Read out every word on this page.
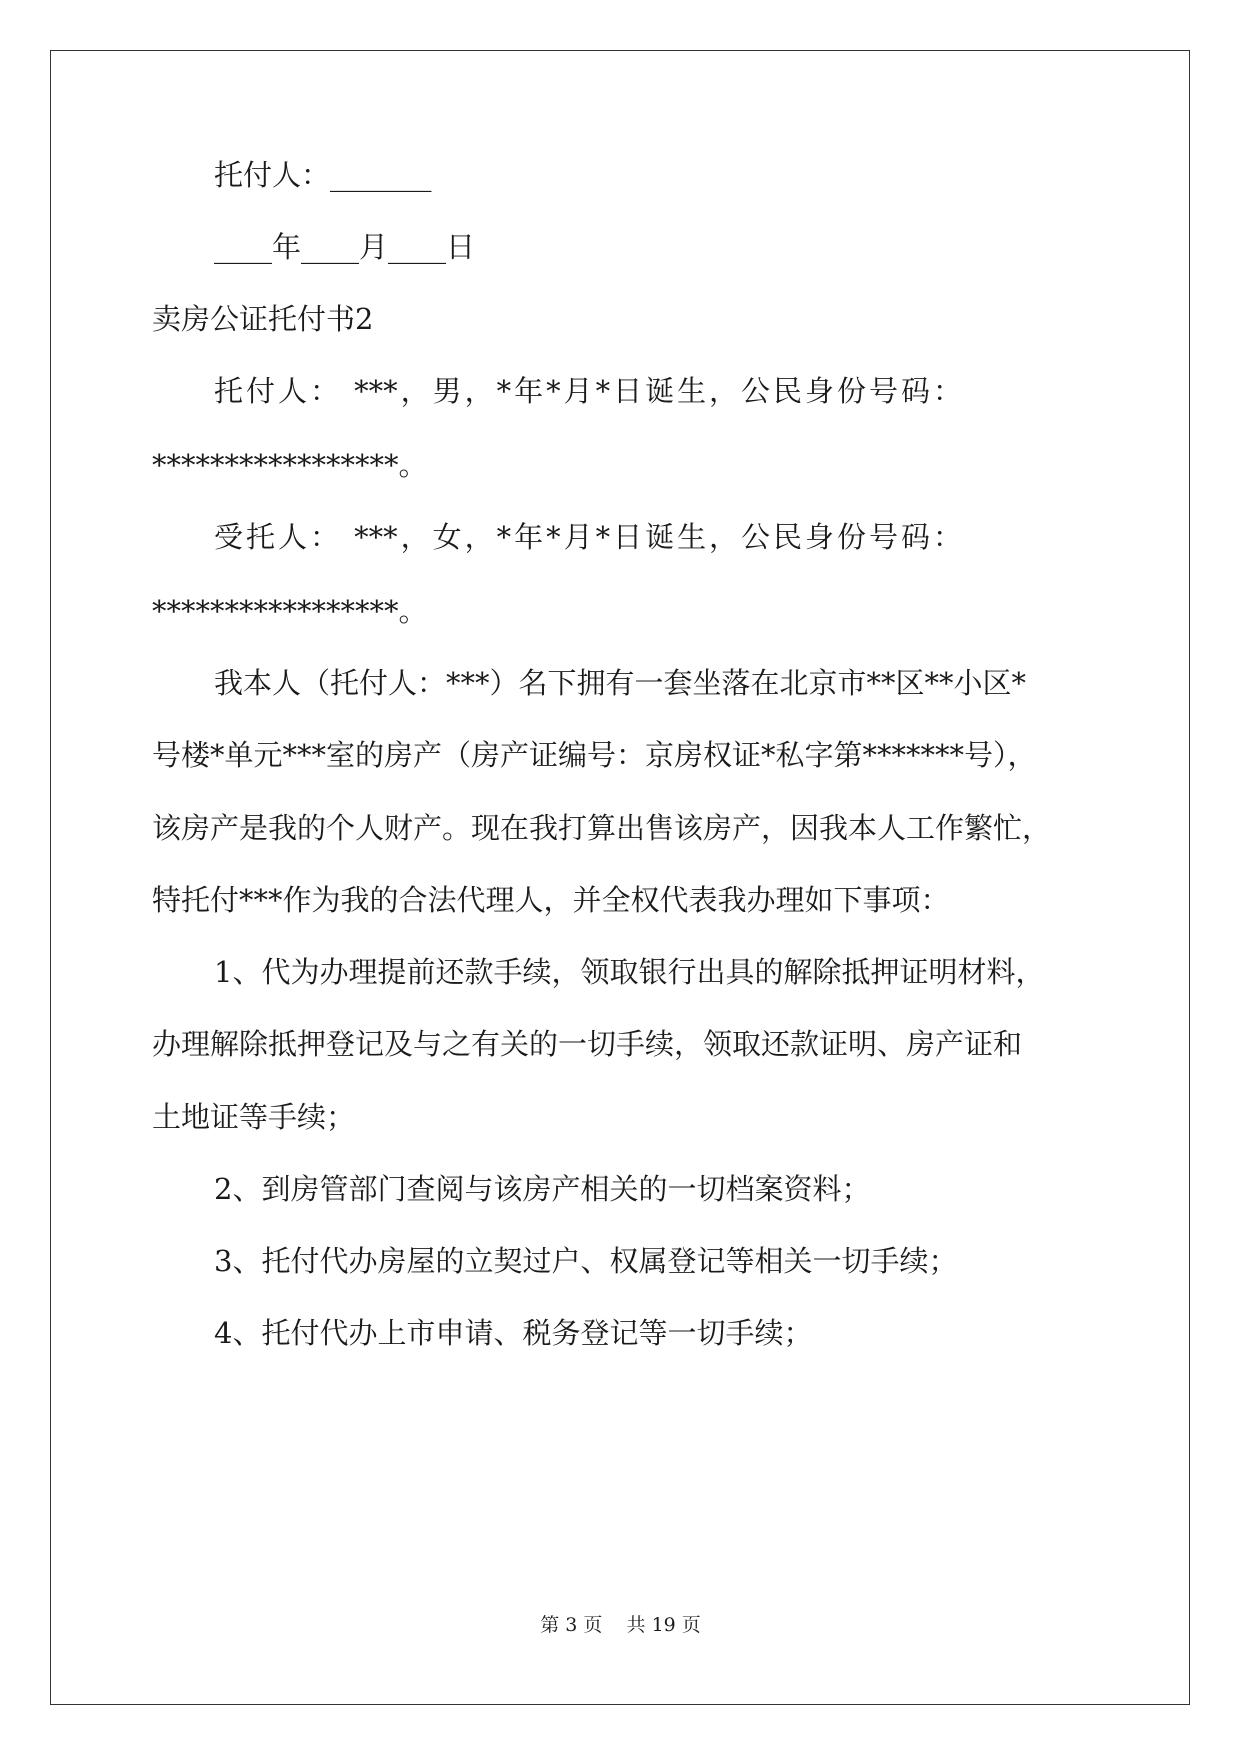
托付人：_______
____年____月____日
卖房公证托付书2
托付人： ***，男，*年*月*日诞生，公民身份号码：
*****************。
受托人： ***，女，*年*月*日诞生，公民身份号码：
*****************。
我本人（托付人：***）名下拥有一套坐落在北京市**区**小区*
号楼*单元***室的房产（房产证编号：京房权证*私字第*******号），
该房产是我的个人财产。现在我打算出售该房产，因我本人工作繁忙，
特托付***作为我的合法代理人，并全权代表我办理如下事项：
1、代为办理提前还款手续，领取银行出具的解除抵押证明材料，
办理解除抵押登记及与之有关的一切手续，领取还款证明、房产证和
土地证等手续；
2、到房管部门查阅与该房产相关的一切档案资料；
3、托付代办房屋的立契过户、权属登记等相关一切手续；
4、托付代办上市申请、税务登记等一切手续；
第 3 页    共 19 页
